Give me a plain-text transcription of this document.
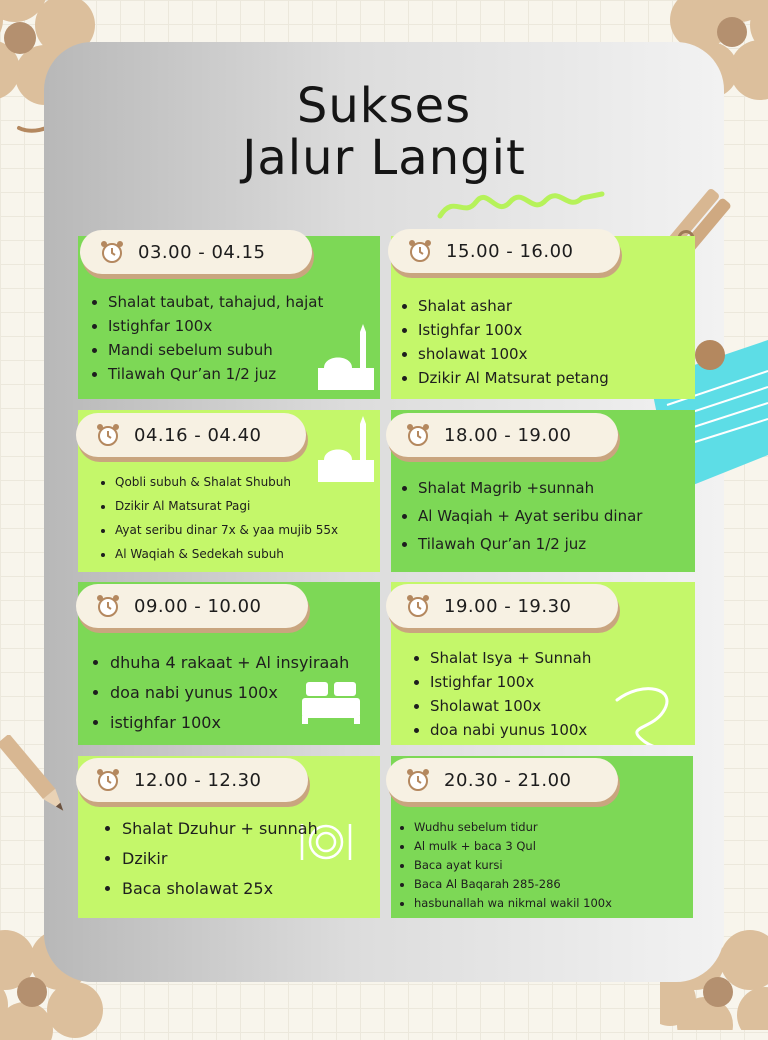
Sukses
Jalur Langit
03.00 - 04.15
• Shalat taubat, tahajud, hajat
• Istighfar 100x
• Mandi sebelum subuh
• Tilawah Qur’an 1/2 juz
15.00 - 16.00
• Shalat ashar
• Istighfar 100x
• sholawat 100x
• Dzikir Al Matsurat petang
04.16 - 04.40
• Qobli subuh & Shalat Shubuh
• Dzikir Al Matsurat Pagi
• Ayat seribu dinar 7x & yaa mujib 55x
• Al Waqiah & Sedekah subuh
18.00 - 19.00
• Shalat Magrib +sunnah
• Al Waqiah + Ayat seribu dinar
• Tilawah Qur’an 1/2 juz
09.00 - 10.00
• dhuha 4 rakaat + Al insyiraah
• doa nabi yunus 100x
• istighfar 100x
19.00 - 19.30
• Shalat Isya + Sunnah
• Istighfar 100x
• Sholawat 100x
• doa nabi yunus 100x
12.00 - 12.30
• Shalat Dzuhur + sunnah
• Dzikir
• Baca sholawat 25x
20.30 - 21.00
• Wudhu sebelum tidur
• Al mulk + baca 3 Qul
• Baca ayat kursi
• Baca Al Baqarah 285-286
• hasbunallah wa nikmal wakil 100x
